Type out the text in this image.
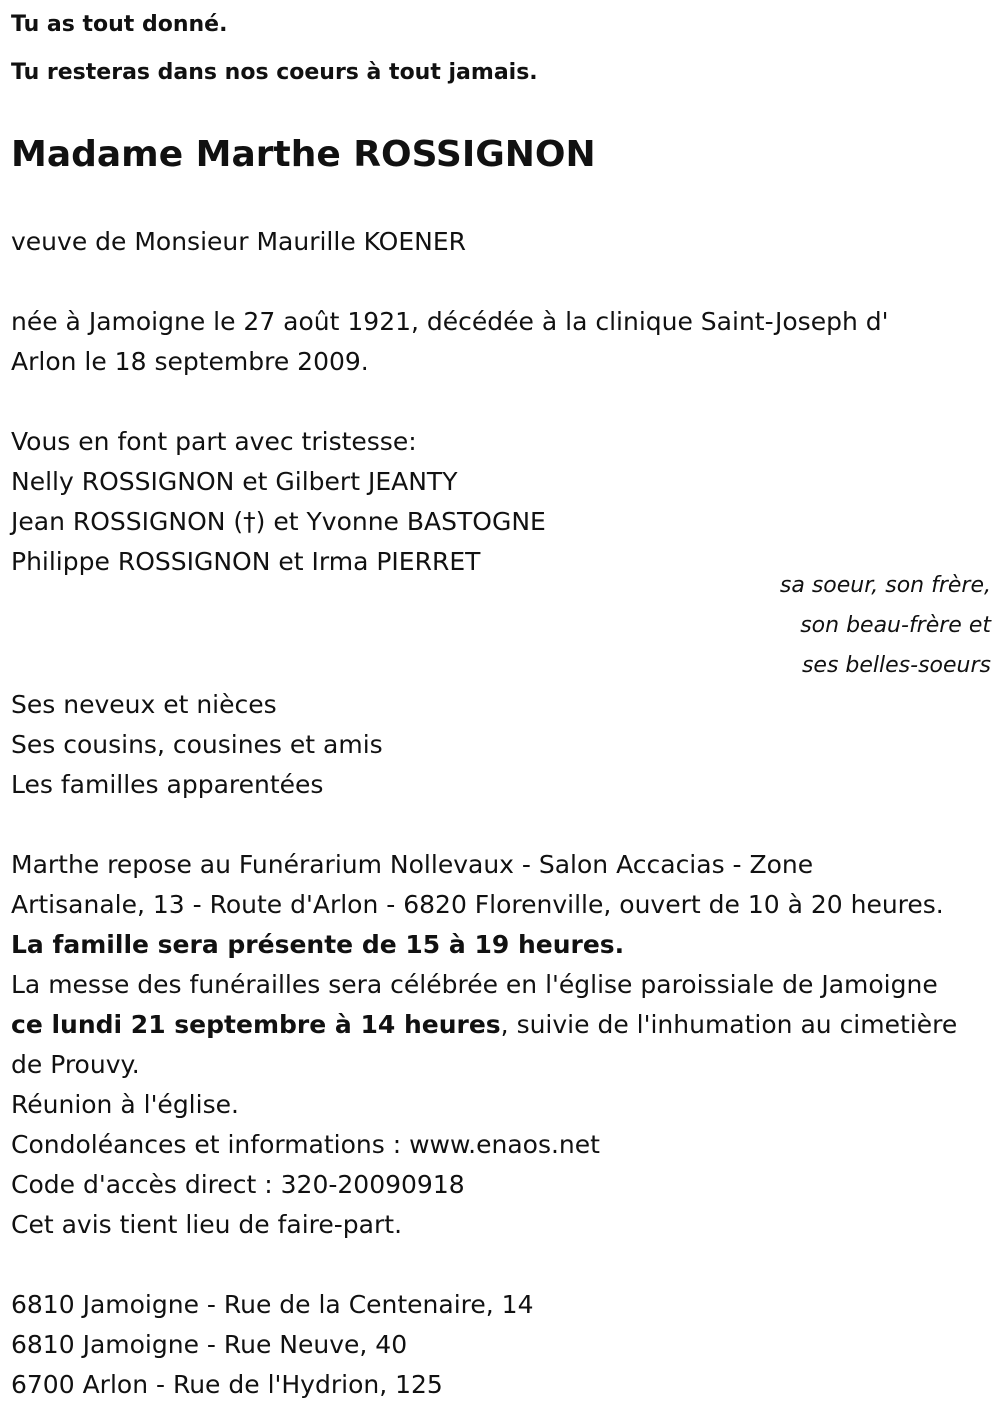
Tu as tout donné.
Tu resteras dans nos coeurs à tout jamais.
Madame Marthe ROSSIGNON
veuve de Monsieur Maurille KOENER
née à Jamoigne le 27 août 1921, décédée à la clinique Saint-Joseph d'
Arlon le 18 septembre 2009.
Vous en font part avec tristesse:
Nelly ROSSIGNON et Gilbert JEANTY
Jean ROSSIGNON (†) et Yvonne BASTOGNE
Philippe ROSSIGNON et Irma PIERRET
sa soeur, son frère,
son beau-frère et
ses belles-soeurs
Ses neveux et nièces
Ses cousins, cousines et amis
Les familles apparentées
Marthe repose au Funérarium Nollevaux - Salon Accacias - Zone
Artisanale, 13 - Route d'Arlon - 6820 Florenville, ouvert de 10 à 20 heures.
La famille sera présente de 15 à 19 heures.
La messe des funérailles sera célébrée en l'église paroissiale de Jamoigne
ce lundi 21 septembre à 14 heures, suivie de l'inhumation au cimetière
de Prouvy.
Réunion à l'église.
Condoléances et informations : www.enaos.net
Code d'accès direct : 320-20090918
Cet avis tient lieu de faire-part.
6810 Jamoigne - Rue de la Centenaire, 14
6810 Jamoigne - Rue Neuve, 40
6700 Arlon - Rue de l'Hydrion, 125
